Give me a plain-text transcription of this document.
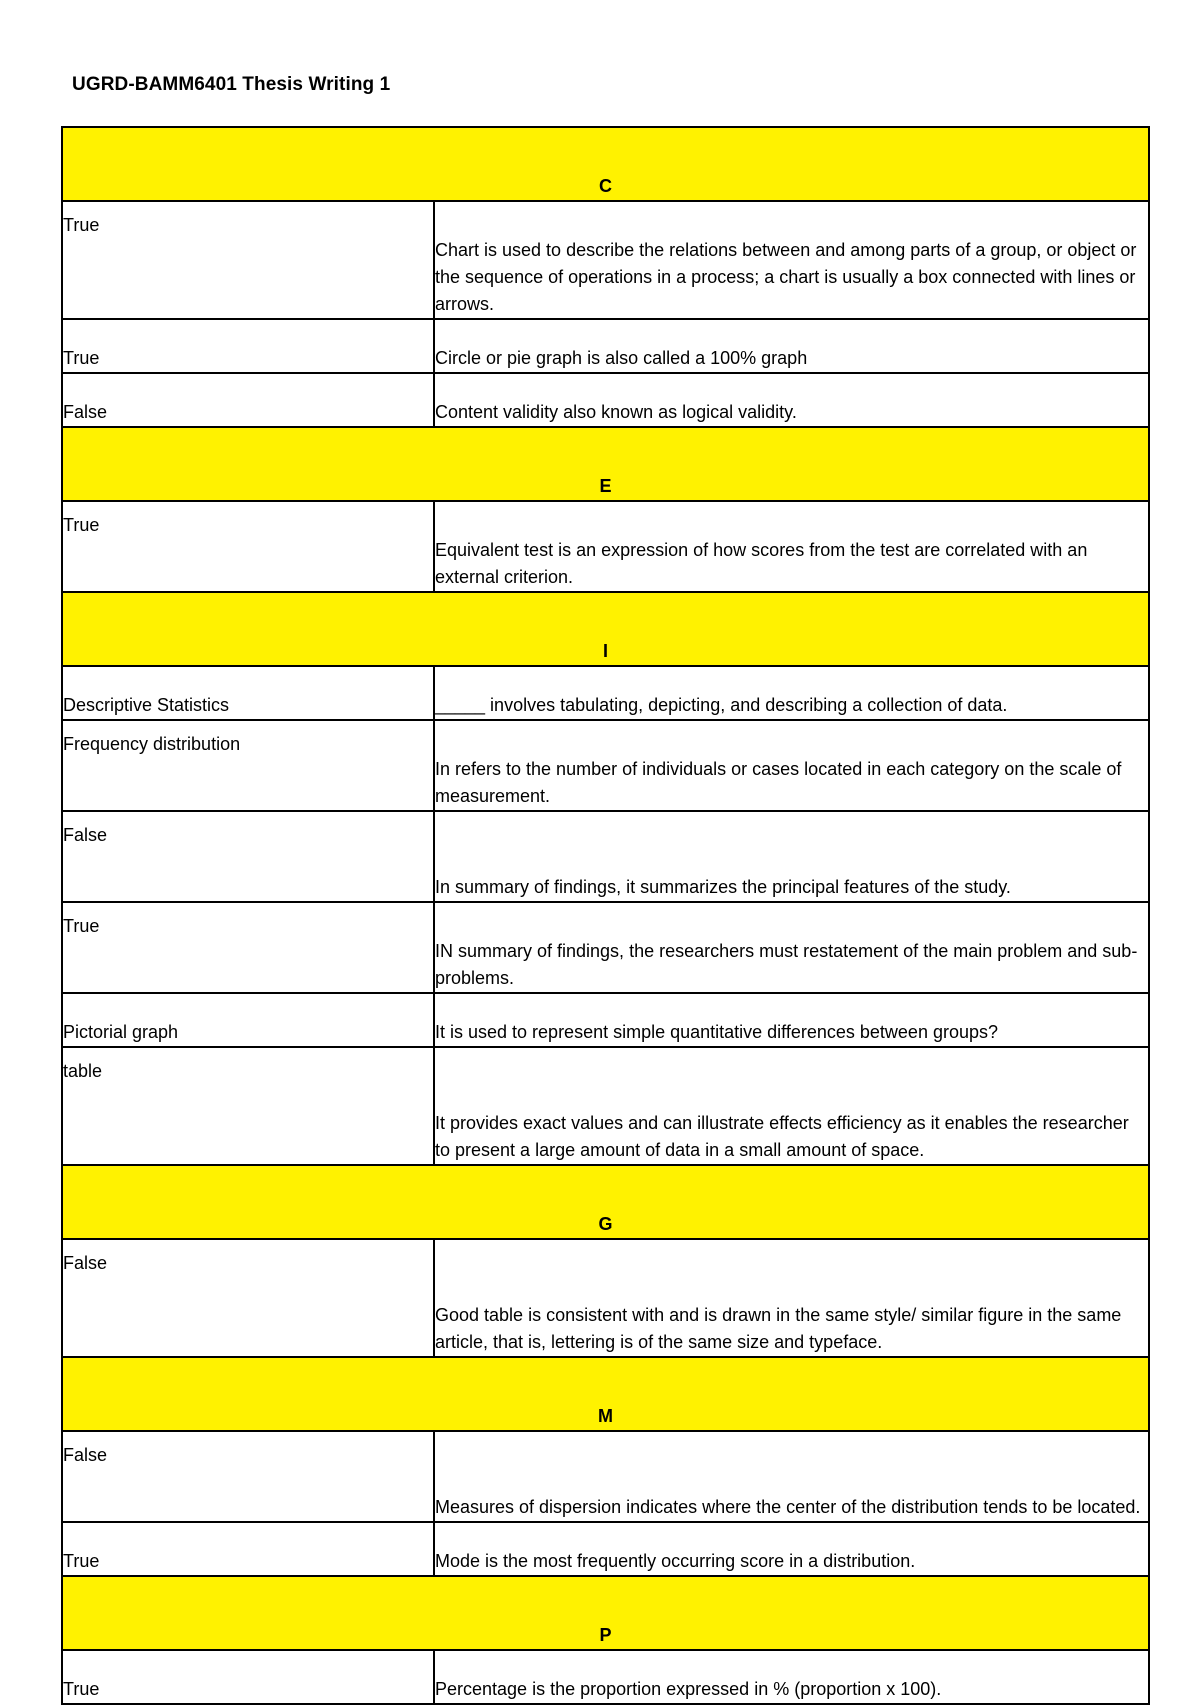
UGRD-BAMM6401 Thesis Writing 1
C	
True	Chart is used to describe the relations between and among parts of a group, or object or the sequence of operations in a process; a chart is usually a box connected with lines or arrows.
True	Circle or pie graph is also called a 100% graph
False	Content validity also known as logical validity.
E	
True	Equivalent test is an expression of how scores from the test are correlated with an external criterion.
I	
Descriptive Statistics	_____ involves tabulating, depicting, and describing a collection of data.
Frequency distribution	In refers to the number of individuals or cases located in each category on the scale of measurement.
False	In summary of findings, it summarizes the principal features of the study.
True	IN summary of findings, the researchers must restatement of the main problem and sub-problems.
Pictorial graph	It is used to represent simple quantitative differences between groups?
table	It provides exact values and can illustrate effects efficiency as it enables the researcher to present a large amount of data in a small amount of space.
G	
False	Good table is consistent with and is drawn in the same style/ similar figure in the same article, that is, lettering is of the same size and typeface.
M	
False	Measures of dispersion indicates where the center of the distribution tends to be located.
True	Mode is the most frequently occurring score in a distribution.
P	
True	Percentage is the proportion expressed in % (proportion x 100).
